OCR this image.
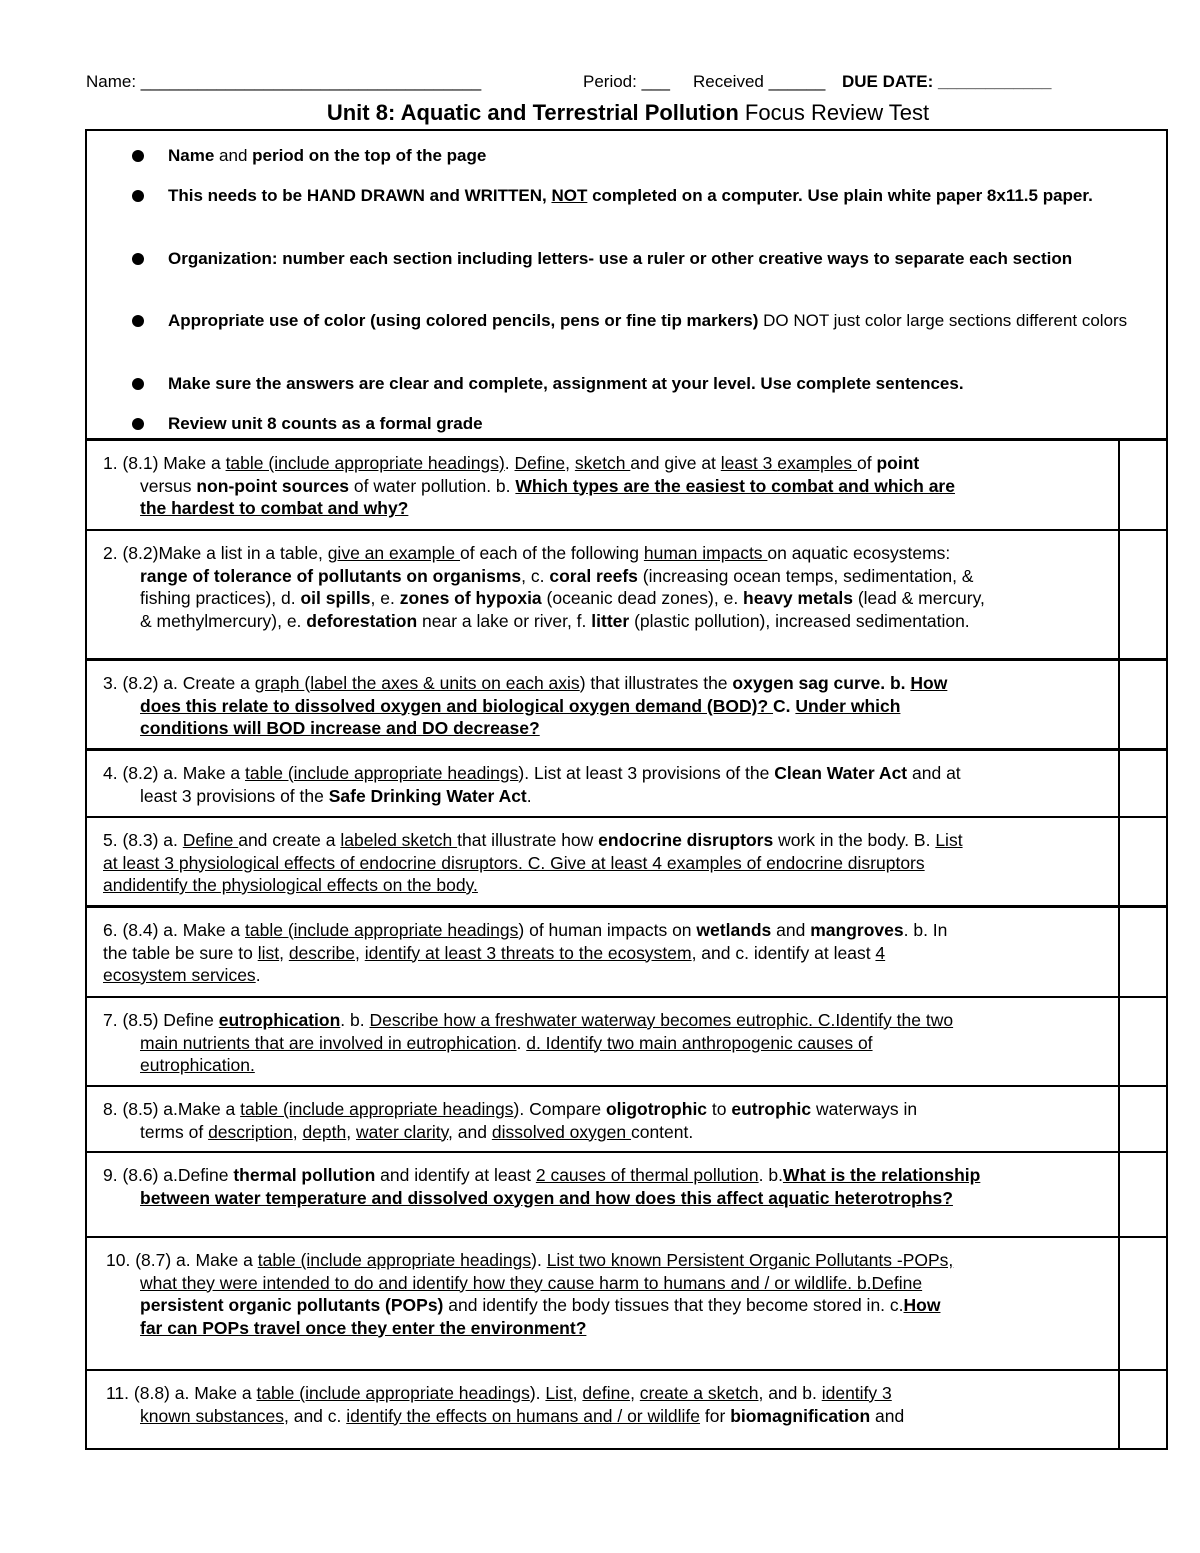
Name: ____________________________________	Period: ___ Received ______ DUE DATE: ____________
Unit 8: Aquatic and Terrestrial Pollution Focus Review Test
Name and period on the top of the page
This needs to be HAND DRAWN and WRITTEN, NOT completed on a computer. Use plain white paper 8x11.5 paper.
Organization: number each section including letters- use a ruler or other creative ways to separate each section
Appropriate use of color (using colored pencils, pens or fine tip markers) DO NOT just color large sections different colors
Make sure the answers are clear and complete, assignment at your level. Use complete sentences.
Review unit 8 counts as a formal grade
1. (8.1) Make a table (include appropriate headings). Define, sketch and give at least 3 examples of point
versus non-point sources of water pollution. b. Which types are the easiest to combat and which are
the hardest to combat and why?
2. (8.2)Make a list in a table, give an example of each of the following human impacts on aquatic ecosystems:
range of tolerance of pollutants on organisms, c. coral reefs (increasing ocean temps, sedimentation, &
fishing practices), d. oil spills, e. zones of hypoxia (oceanic dead zones), e. heavy metals (lead & mercury,
& methylmercury), e. deforestation near a lake or river, f. litter (plastic pollution), increased sedimentation.
3. (8.2) a. Create a graph (label the axes & units on each axis) that illustrates the oxygen sag curve. b. How
does this relate to dissolved oxygen and biological oxygen demand (BOD)? C. Under which
conditions will BOD increase and DO decrease?
4. (8.2) a. Make a table (include appropriate headings). List at least 3 provisions of the Clean Water Act and at
least 3 provisions of the Safe Drinking Water Act.
5. (8.3) a. Define and create a labeled sketch that illustrate how endocrine disruptors work in the body. B. List
at least 3 physiological effects of endocrine disruptors. C. Give at least 4 examples of endocrine disruptors
andidentify the physiological effects on the body.
6. (8.4) a. Make a table (include appropriate headings) of human impacts on wetlands and mangroves. b. In
the table be sure to list, describe, identify at least 3 threats to the ecosystem, and c. identify at least 4
ecosystem services.
7. (8.5) Define eutrophication. b. Describe how a freshwater waterway becomes eutrophic. C.Identify the two
main nutrients that are involved in eutrophication. d. Identify two main anthropogenic causes of
eutrophication.
8. (8.5) a.Make a table (include appropriate headings). Compare oligotrophic to eutrophic waterways in
terms of description, depth, water clarity, and dissolved oxygen content.
9. (8.6) a.Define thermal pollution and identify at least 2 causes of thermal pollution. b.What is the relationship
between water temperature and dissolved oxygen and how does this affect aquatic heterotrophs?
10. (8.7) a. Make a table (include appropriate headings). List two known Persistent Organic Pollutants -POPs,
what they were intended to do and identify how they cause harm to humans and / or wildlife. b.Define
persistent organic pollutants (POPs) and identify the body tissues that they become stored in. c.How
far can POPs travel once they enter the environment?
11. (8.8) a. Make a table (include appropriate headings). List, define, create a sketch, and b. identify 3
known substances, and c. identify the effects on humans and / or wildlife for biomagnification and
